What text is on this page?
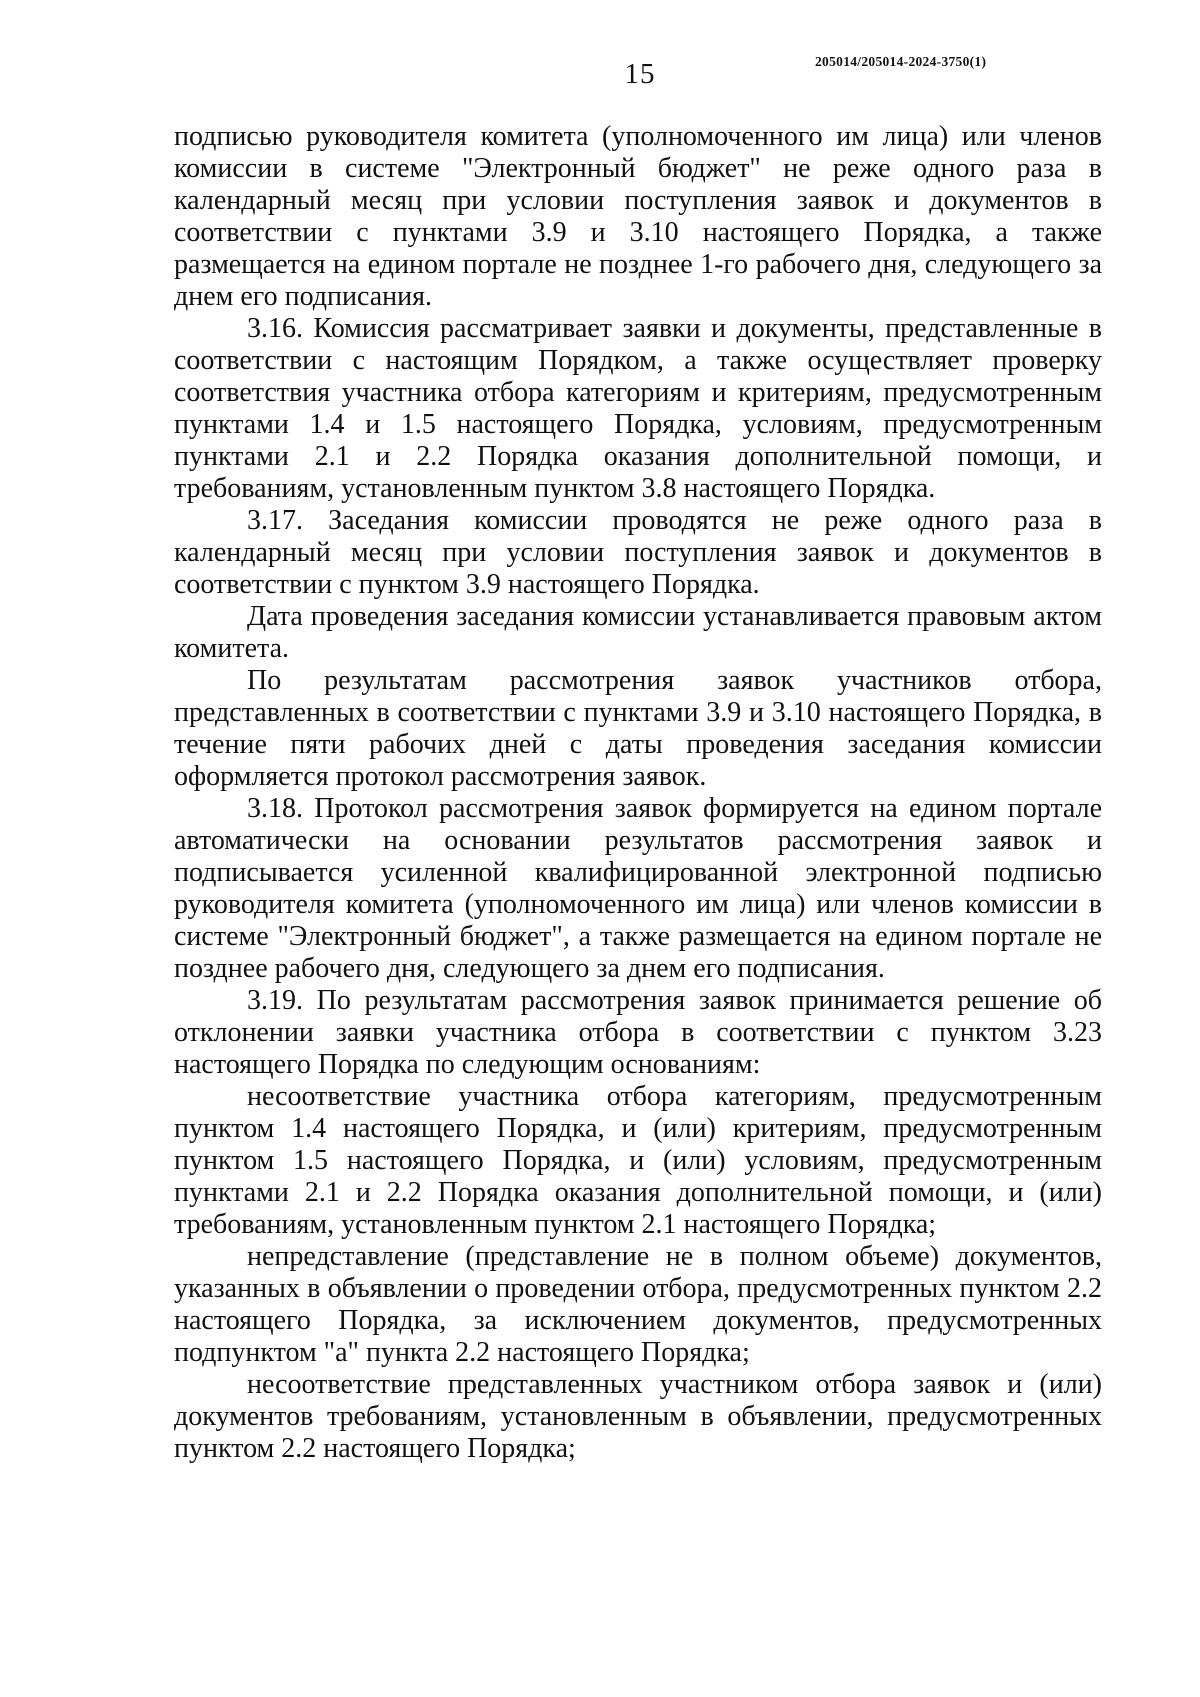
15	205014/205014-2024-3750(1)

подписью руководителя комитета (уполномоченного им лица) или членов комиссии в системе "Электронный бюджет" не реже одного раза в календарный месяц при условии поступления заявок и документов в соответствии с пунктами 3.9 и 3.10 настоящего Порядка, а также размещается на едином портале не позднее 1-го рабочего дня, следующего за днем его подписания.

3.16. Комиссия рассматривает заявки и документы, представленные в соответствии с настоящим Порядком, а также осуществляет проверку соответствия участника отбора категориям и критериям, предусмотренным пунктами 1.4 и 1.5 настоящего Порядка, условиям, предусмотренным пунктами 2.1 и 2.2 Порядка оказания дополнительной помощи, и требованиям, установленным пунктом 3.8 настоящего Порядка.

3.17. Заседания комиссии проводятся не реже одного раза в календарный месяц при условии поступления заявок и документов в соответствии с пунктом 3.9 настоящего Порядка.

Дата проведения заседания комиссии устанавливается правовым актом комитета.

По результатам рассмотрения заявок участников отбора, представленных в соответствии с пунктами 3.9 и 3.10 настоящего Порядка, в течение пяти рабочих дней с даты проведения заседания комиссии оформляется протокол рассмотрения заявок.

3.18. Протокол рассмотрения заявок формируется на едином портале автоматически на основании результатов рассмотрения заявок и подписывается усиленной квалифицированной электронной подписью руководителя комитета (уполномоченного им лица) или членов комиссии в системе "Электронный бюджет", а также размещается на едином портале не позднее рабочего дня, следующего за днем его подписания.

3.19. По результатам рассмотрения заявок принимается решение об отклонении заявки участника отбора в соответствии с пунктом 3.23 настоящего Порядка по следующим основаниям:

несоответствие участника отбора категориям, предусмотренным пунктом 1.4 настоящего Порядка, и (или) критериям, предусмотренным пунктом 1.5 настоящего Порядка, и (или) условиям, предусмотренным пунктами 2.1 и 2.2 Порядка оказания дополнительной помощи, и (или) требованиям, установленным пунктом 2.1 настоящего Порядка;

непредставление (представление не в полном объеме) документов, указанных в объявлении о проведении отбора, предусмотренных пунктом 2.2 настоящего Порядка, за исключением документов, предусмотренных подпунктом "а" пункта 2.2 настоящего Порядка;

несоответствие представленных участником отбора заявок и (или) документов требованиям, установленным в объявлении, предусмотренных пунктом 2.2 настоящего Порядка;
